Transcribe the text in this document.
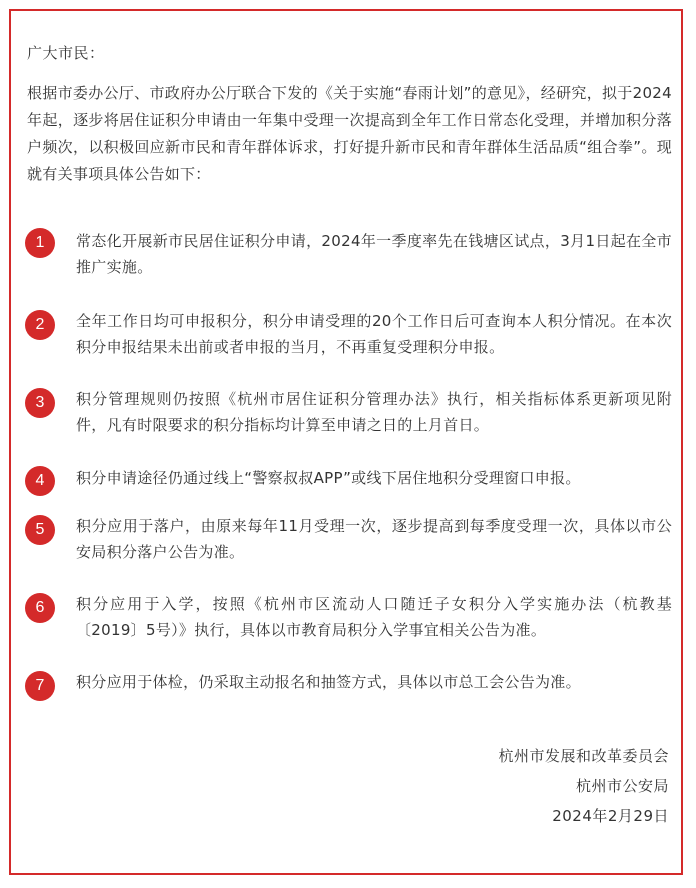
广大市民：
根据市委办公厅、市政府办公厅联合下发的《关于实施“春雨计划”的意见》，经研究，拟于2024年起，逐步将居住证积分申请由一年集中受理一次提高到全年工作日常态化受理，并增加积分落户频次，以积极回应新市民和青年群体诉求，打好提升新市民和青年群体生活品质“组合拳”。现就有关事项具体公告如下：
1	常态化开展新市民居住证积分申请，2024年一季度率先在钱塘区试点，3月1日起在全市推广实施。
2	全年工作日均可申报积分，积分申请受理的20个工作日后可查询本人积分情况。在本次积分申报结果未出前或者申报的当月，不再重复受理积分申报。
3	积分管理规则仍按照《杭州市居住证积分管理办法》执行，相关指标体系更新项见附件，凡有时限要求的积分指标均计算至申请之日的上月首日。
4	积分申请途径仍通过线上“警察叔叔APP”或线下居住地积分受理窗口申报。
5	积分应用于落户，由原来每年11月受理一次，逐步提高到每季度受理一次，具体以市公安局积分落户公告为准。
6	积分应用于入学，按照《杭州市区流动人口随迁子女积分入学实施办法（杭教基〔2019〕5号）》执行，具体以市教育局积分入学事宜相关公告为准。
7	积分应用于体检，仍采取主动报名和抽签方式，具体以市总工会公告为准。
杭州市发展和改革委员会
杭州市公安局
2024年2月29日
